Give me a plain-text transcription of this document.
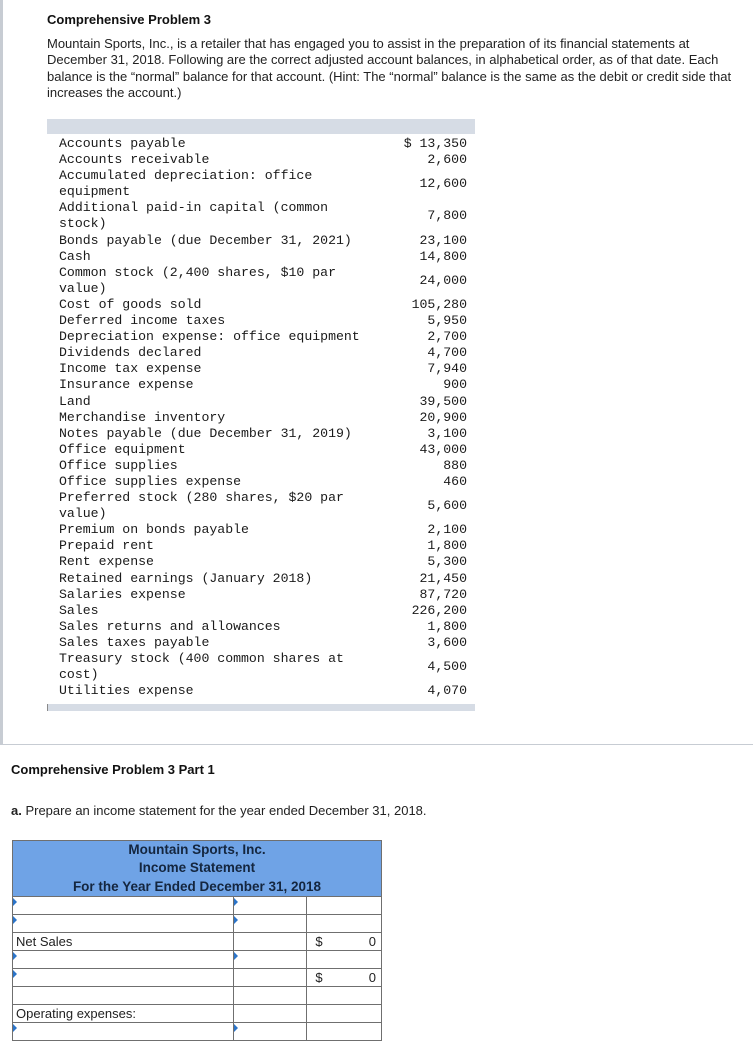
Comprehensive Problem 3
Mountain Sports, Inc., is a retailer that has engaged you to assist in the preparation of its financial statements at December 31, 2018. Following are the correct adjusted account balances, in alphabetical order, as of that date. Each balance is the “normal” balance for that account. (Hint: The “normal” balance is the same as the debit or credit side that increases the account.)
Accounts payable	$ 13,350
Accounts receivable	2,600
Accumulated depreciation: office equipment
12,600
Additional paid-in capital (common stock)
7,800
Bonds payable (due December 31, 2021)	23,100
Cash	14,800
Common stock (2,400 shares, $10 par value)
24,000
Cost of goods sold	105,280
Deferred income taxes	5,950
Depreciation expense: office equipment	2,700
Dividends declared	4,700
Income tax expense	7,940
Insurance expense	900
Land	39,500
Merchandise inventory	20,900
Notes payable (due December 31, 2019)	3,100
Office equipment	43,000
Office supplies	880
Office supplies expense	460
Preferred stock (280 shares, $20 par value)
5,600
Premium on bonds payable	2,100
Prepaid rent	1,800
Rent expense	5,300
Retained earnings (January 2018)	21,450
Salaries expense	87,720
Sales	226,200
Sales returns and allowances	1,800
Sales taxes payable	3,600
Treasury stock (400 common shares at cost)
4,500
Utilities expense	4,070
Comprehensive Problem 3 Part 1
a. Prepare an income statement for the year ended December 31, 2018.
Mountain Sports, Inc.
Income Statement
For the Year Ended December 31, 2018		

Net Sales		$ 0

		$ 0

Operating expenses:		
